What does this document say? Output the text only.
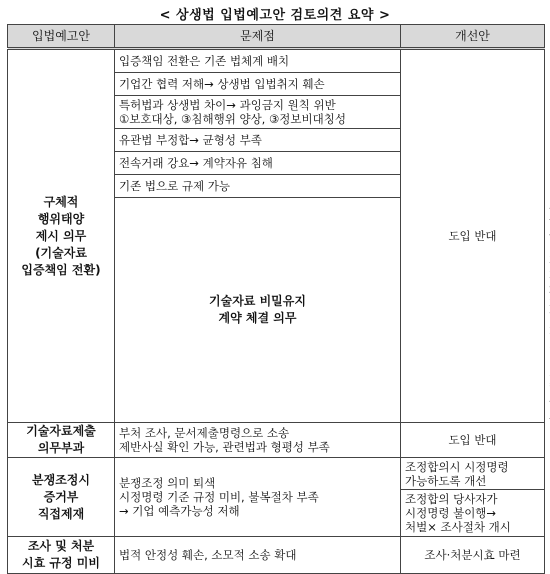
< 상생법 입법예고안 검토의견 요약 >
입법예고안	문제점	개선안	

구체적
행위태양
제시 의무
(기술자료
입증책임 전환)	입증책임 전환은 기존 법체계 배치	도입 반대	
	기업간 협력 저해→ 상생법 입법취지 훼손		

	특허법과 상생법 차이→ 과잉금지 원칙 위반
①보호대상, ③침해행위 양상, ③정보비대칭성		

	유관법 부정합→ 균형성 부족		
	전속거래 강요→ 계약자유 침해		
	기존 법으로 규제 가능		

	기술자료 비밀유지
계약 체결 의무

기술자료제출
의무부과	부처 조사, 문서제출명령으로 소송
제반사실 확인 가능, 관련법과 형평성 부족	도입 반대	

분쟁조정시
증거부
직접제재	분쟁조정 의미 퇴색
시정명령 기준 규정 미비, 불복절차 부족
→ 기업 예측가능성 저해	조정합의시 시정명령
가능하도록 개선	

		조정합의 당사자가
시정명령 불이행→
처벌× 조사절차 개시	

조사 및 처분
시효 규정 미비	법적 안정성 훼손, 소모적 소송 확대	조사·처분시효 마련	
